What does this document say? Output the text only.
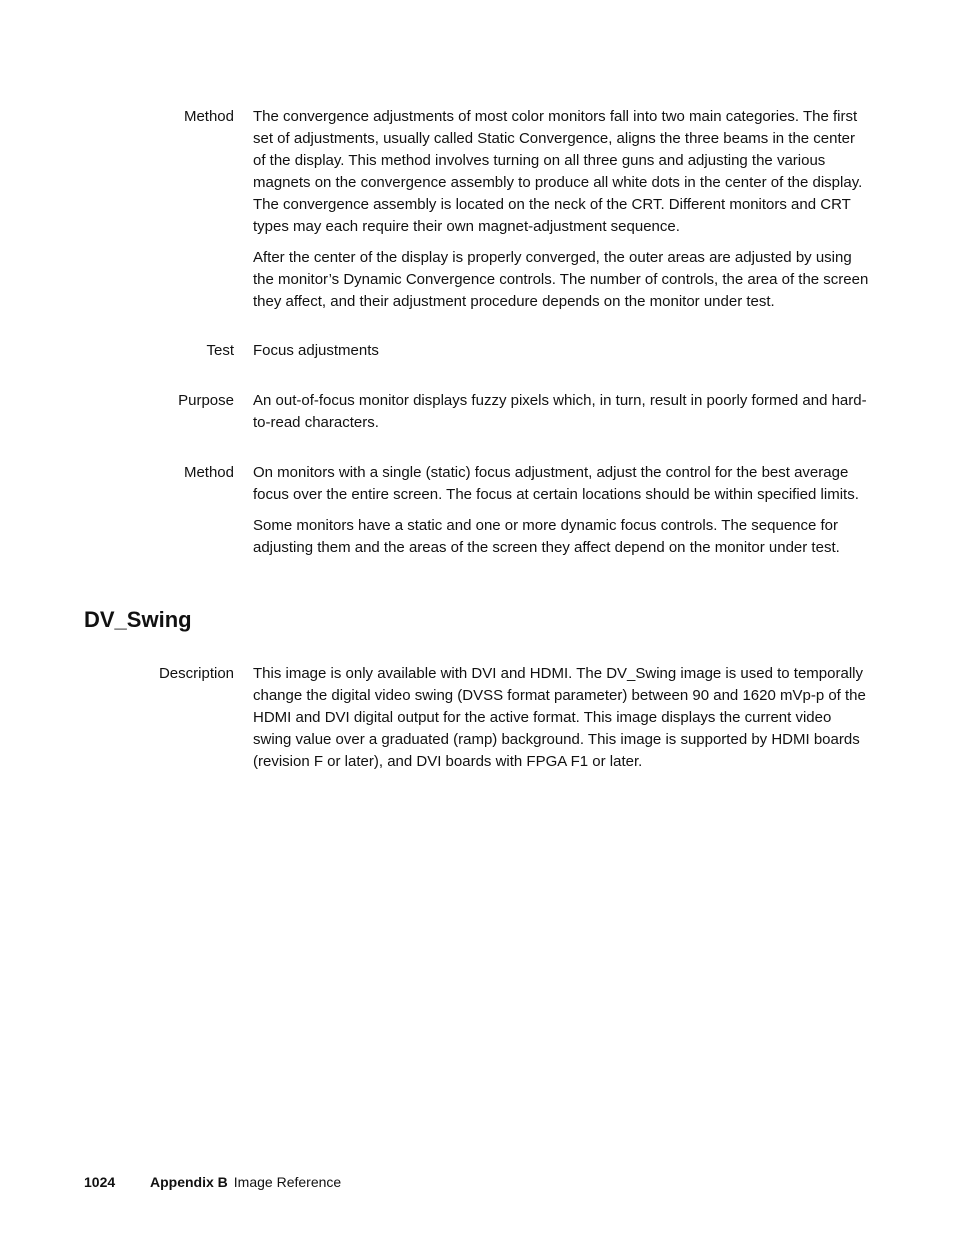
Method The convergence adjustments of most color monitors fall into two main categories. The first set of adjustments, usually called Static Convergence, aligns the three beams in the center of the display. This method involves turning on all three guns and adjusting the various magnets on the convergence assembly to produce all white dots in the center of the display. The convergence assembly is located on the neck of the CRT. Different monitors and CRT types may each require their own magnet-adjustment sequence.

After the center of the display is properly converged, the outer areas are adjusted by using the monitor’s Dynamic Convergence controls. The number of controls, the area of the screen they affect, and their adjustment procedure depends on the monitor under test.

Test Focus adjustments

Purpose An out-of-focus monitor displays fuzzy pixels which, in turn, result in poorly formed and hard-to-read characters.

Method On monitors with a single (static) focus adjustment, adjust the control for the best average focus over the entire screen. The focus at certain locations should be within specified limits.

Some monitors have a static and one or more dynamic focus controls. The sequence for adjusting them and the areas of the screen they affect depend on the monitor under test.

DV_Swing
Description This image is only available with DVI and HDMI. The DV_Swing image is used to temporally change the digital video swing (DVSS format parameter) between 90 and 1620 mVp-p of the HDMI and DVI digital output for the active format. This image displays the current video swing value over a graduated (ramp) background. This image is supported by HDMI boards (revision F or later), and DVI boards with FPGA F1 or later.

1024 Appendix B Image Reference
